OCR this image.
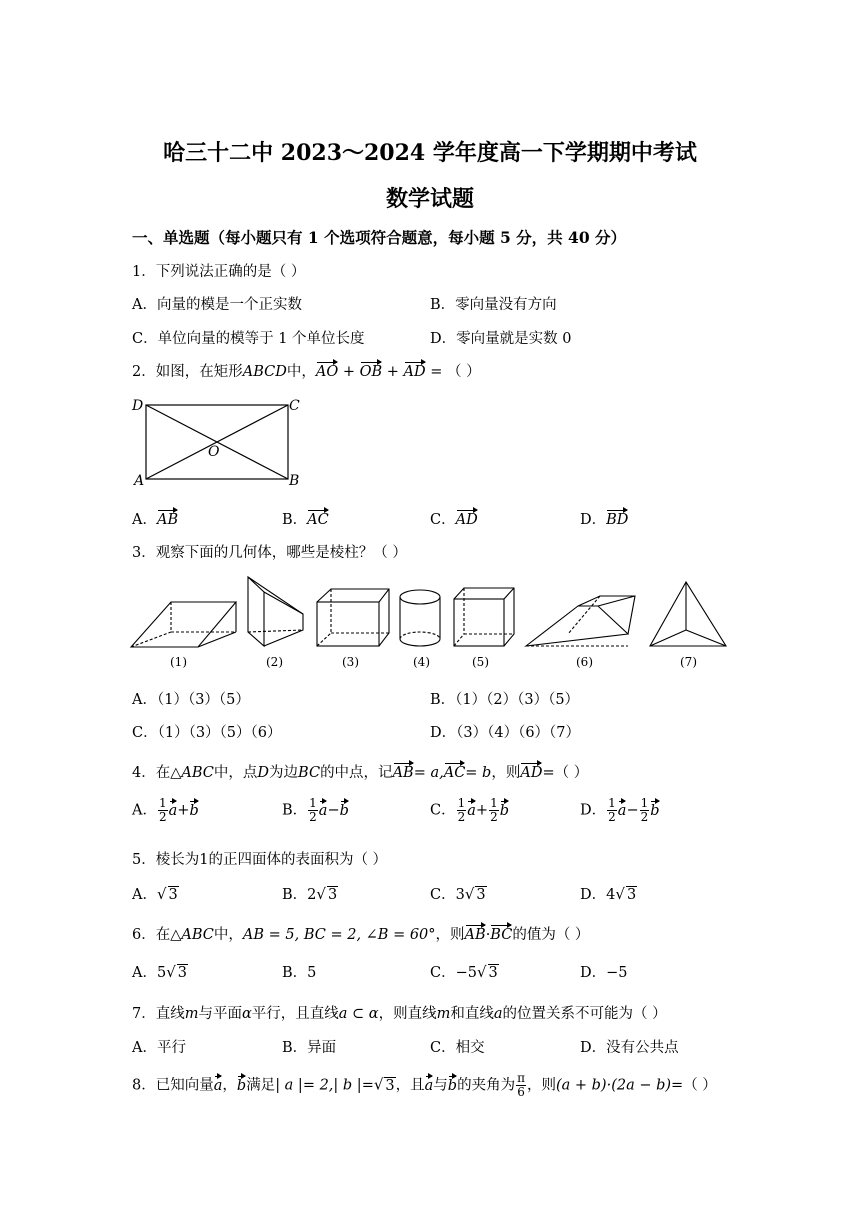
哈三十二中 2023～2024 学年度高一下学期期中考试
数学试题
一、单选题（每小题只有 1 个选项符合题意，每小题 5 分，共 40 分）
1．下列说法正确的是（ ）
A．向量的模是一个正实数	B．零向量没有方向
C．单位向量的模等于 1 个单位长度	D．零向量就是实数 0
2．如图，在矩形ABCD中，AO + OB + AD = （ ）
D	C
A	B
O
A．AB	B．AC	C．AD	D．BD
3．观察下面的几何体，哪些是棱柱？（ ）
(1)	(2)	(3)	(4)	(5)	(6)	(7)
A．（1）（3）（5）	B．（1）（2）（3）（5）
C．（1）（3）（5）（6）	D．（3）（4）（6）（7）
4．在△ABC中，点D为边BC的中点，记AB= a,AC= b，则AD=（ ）
A． $\frac{1}{2} a+b$	B． $\frac{1}{2} a-b$	C． $\frac{1}{2} a+ \frac{1}{2}$ b	D． $\frac{1}{2} a- \frac{1}{2}$ b
5．棱长为1的正四面体的表面积为（ ）
A．√ 3	B．2√ 3	C．3√ 3	D．4√ 3
6．在△ABC中，AB = 5, BC = 2, ∠B = 60°，则AB·BC的值为（ ）
A．5√ 3	B．5	C．−5√ 3	D．−5
7．直线m与平面α平行，且直线a ⊂ α，则直线m和直线a的位置关系不可能为（ ）
A．平行	B．异面	C．相交	D．没有公共点
8．已知向量a，b满足| a |= 2,| b |=√ 3，且a与b的夹角为 $\frac{\pi}{6}$ ，则(a + b)·(2a − b)=（ ）
